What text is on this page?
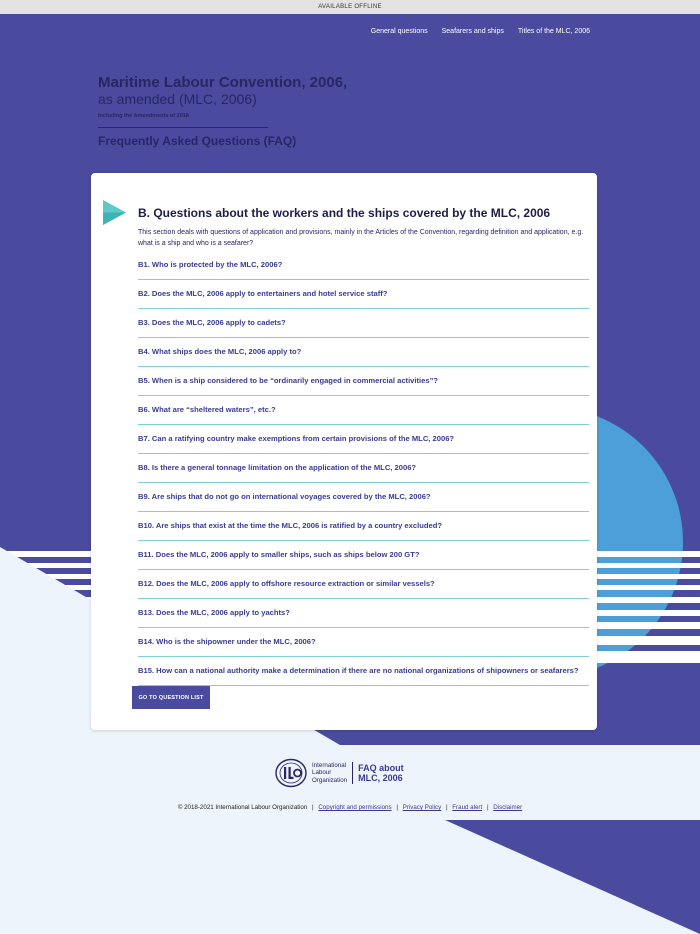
AVAILABLE OFFLINE
General questions Seafarers and ships Titles of the MLC, 2006
Maritime Labour Convention, 2006,
as amended (MLC, 2006)
Including the Amendments of 2018
Frequently Asked Questions (FAQ)
B. Questions about the workers and the ships covered by the MLC, 2006

This section deals with questions of application and provisions, mainly in the Articles of the Convention, regarding definition and application, e.g. what is a ship and who is a seafarer?

B1. Who is protected by the MLC, 2006?
B2. Does the MLC, 2006 apply to entertainers and hotel service staff?
B3. Does the MLC, 2006 apply to cadets?
B4. What ships does the MLC, 2006 apply to?
B5. When is a ship considered to be “ordinarily engaged in commercial activities”?
B6. What are “sheltered waters”, etc.?
B7. Can a ratifying country make exemptions from certain provisions of the MLC, 2006?
B8. Is there a general tonnage limitation on the application of the MLC, 2006?
B9. Are ships that do not go on international voyages covered by the MLC, 2006?
B10. Are ships that exist at the time the MLC, 2006 is ratified by a country excluded?
B11. Does the MLC, 2006 apply to smaller ships, such as ships below 200 GT?
B12. Does the MLC, 2006 apply to offshore resource extraction or similar vessels?
B13. Does the MLC, 2006 apply to yachts?
B14. Who is the shipowner under the MLC, 2006?
B15. How can a national authority make a determination if there are no national organizations of shipowners or seafarers?
GO TO QUESTION LIST
International
Labour
Organization
FAQ about
MLC, 2006
© 2018-2021 International Labour Organization | Copyright and permissions | Privacy Policy | Fraud alert | Disclaimer
